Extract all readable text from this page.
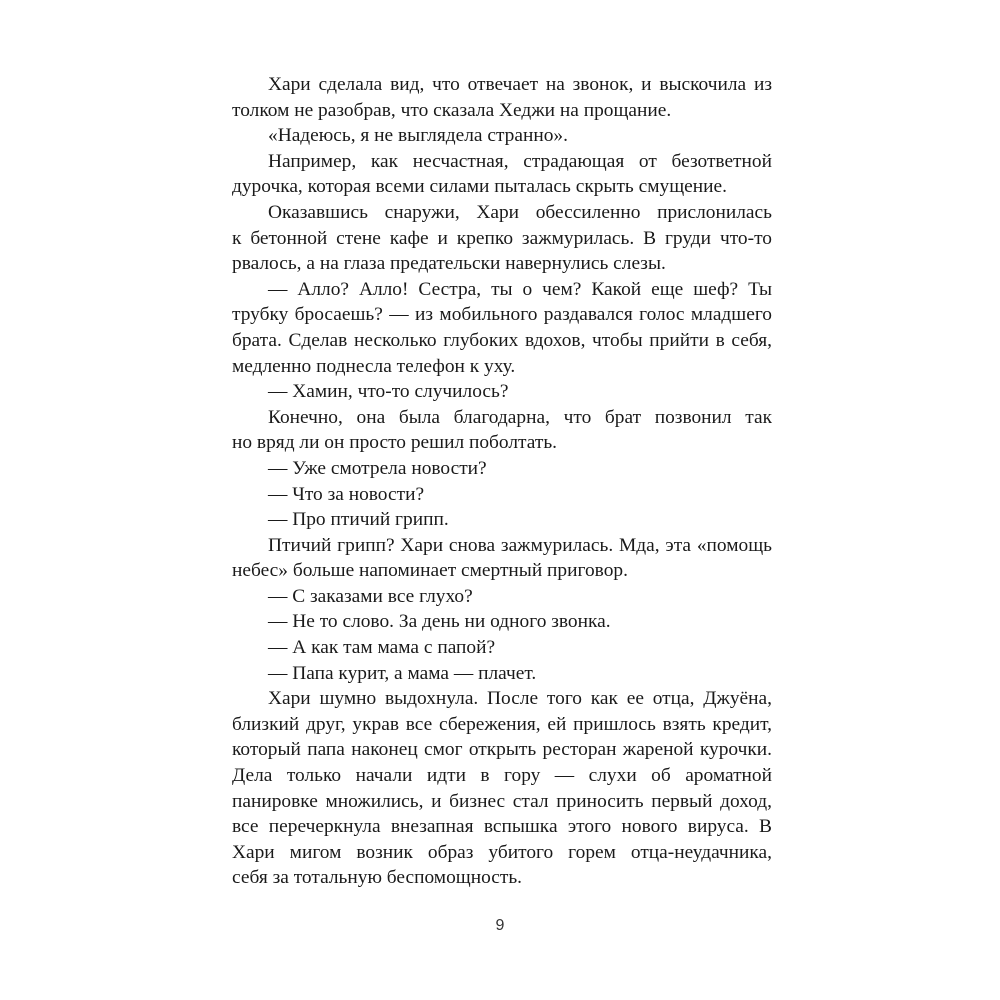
Хари сделала вид, что отвечает на звонок, и выскочила из
толком не разобрав, что сказала Хеджи на прощание.
«Надеюсь, я не выглядела странно».
Например, как несчастная, страдающая от безответной
дурочка, которая всеми силами пыталась скрыть смущение.
Оказавшись снаружи, Хари обессиленно прислонилась
к бетонной стене кафе и крепко зажмурилась. В груди что-то
рвалось, а на глаза предательски навернулись слезы.
— Алло? Алло! Сестра, ты о чем? Какой еще шеф? Ты
трубку бросаешь? — из мобильного раздавался голос младшего
брата. Сделав несколько глубоких вдохов, чтобы прийти в себя,
медленно поднесла телефон к уху.
— Хамин, что-то случилось?
Конечно, она была благодарна, что брат позвонил так
но вряд ли он просто решил поболтать.
— Уже смотрела новости?
— Что за новости?
— Про птичий грипп.
Птичий грипп? Хари снова зажмурилась. Мда, эта «помощь
небес» больше напоминает смертный приговор.
— С заказами все глухо?
— Не то слово. За день ни одного звонка.
— А как там мама с папой?
— Папа курит, а мама — плачет.
Хари шумно выдохнула. После того как ее отца, Джуёна,
близкий друг, украв все сбережения, ей пришлось взять кредит,
который папа наконец смог открыть ресторан жареной курочки.
Дела только начали идти в гору — слухи об ароматной
панировке множились, и бизнес стал приносить первый доход,
все перечеркнула внезапная вспышка этого нового вируса. В
Хари мигом возник образ убитого горем отца-неудачника,
себя за тотальную беспомощность.
9
